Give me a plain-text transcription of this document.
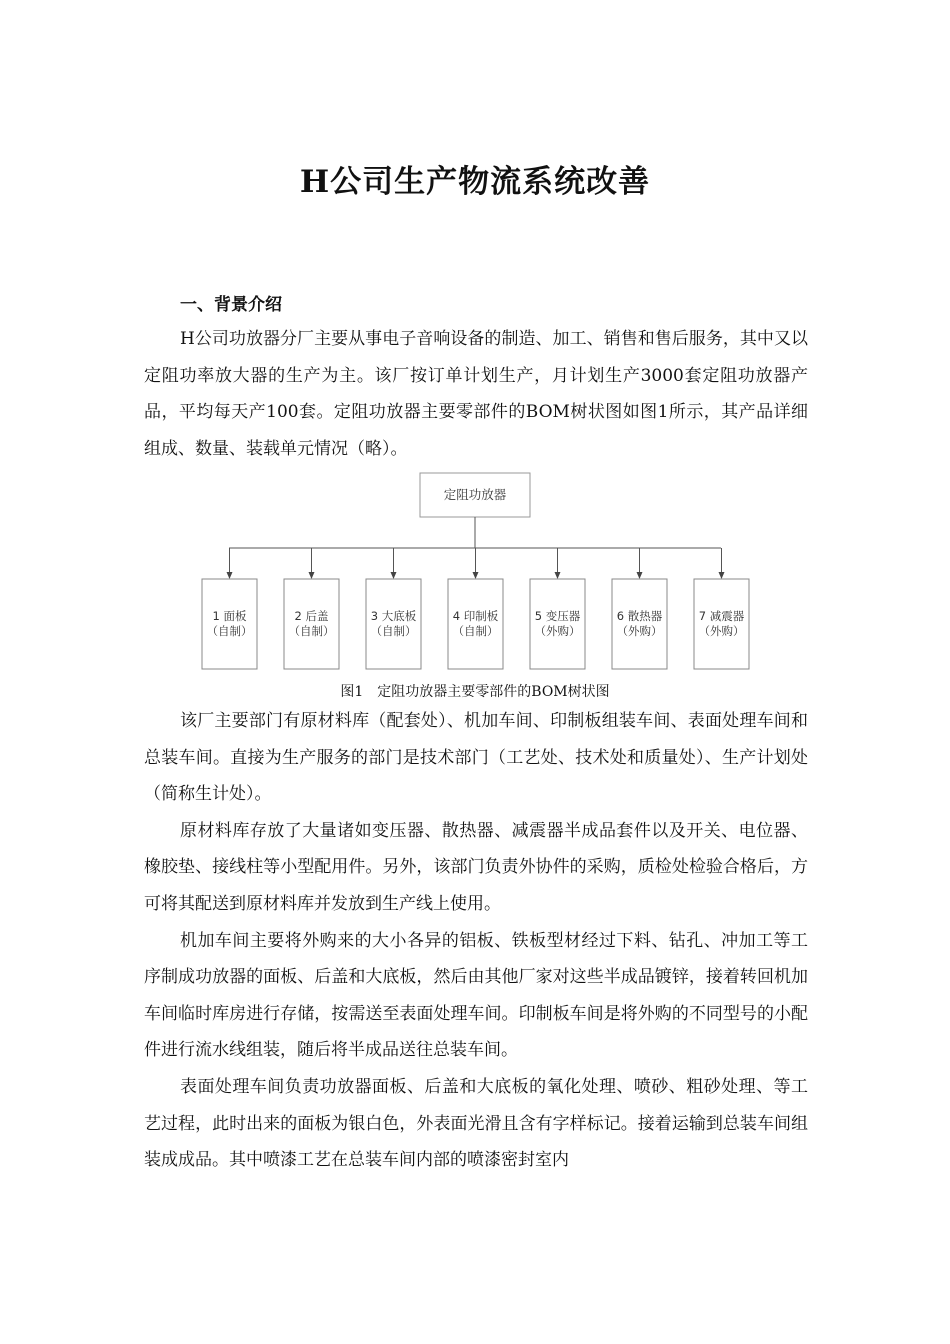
H公司生产物流系统改善
一、背景介绍

H公司功放器分厂主要从事电子音响设备的制造、加工、销售和售后服务，其中又以定阻功率放大器的生产为主。该厂按订单计划生产，月计划生产3000套定阻功放器产品，平均每天产100套。定阻功放器主要零部件的BOM树状图如图1所示，其产品详细组成、数量、装载单元情况（略）。

定阻功放器
1 面板
（自制）
2 后盖
（自制）
3 大底板
（自制）
4 印制板
（自制）
5 变压器
（外购）
6 散热器
（外购）
7 减震器
（外购）

图1　定阻功放器主要零部件的BOM树状图

该厂主要部门有原材料库（配套处）、机加车间、印制板组装车间、表面处理车间和总装车间。直接为生产服务的部门是技术部门（工艺处、技术处和质量处）、生产计划处（简称生计处）。

原材料库存放了大量诸如变压器、散热器、减震器半成品套件以及开关、电位器、橡胶垫、接线柱等小型配用件。另外，该部门负责外协件的采购，质检处检验合格后，方可将其配送到原材料库并发放到生产线上使用。

机加车间主要将外购来的大小各异的铝板、铁板型材经过下料、钻孔、冲加工等工序制成功放器的面板、后盖和大底板，然后由其他厂家对这些半成品镀锌，接着转回机加车间临时库房进行存储，按需送至表面处理车间。印制板车间是将外购的不同型号的小配件进行流水线组装，随后将半成品送往总装车间。

表面处理车间负责功放器面板、后盖和大底板的氧化处理、喷砂、粗砂处理、等工艺过程，此时出来的面板为银白色，外表面光滑且含有字样标记。接着运输到总装车间组装成成品。其中喷漆工艺在总装车间内部的喷漆密封室内
